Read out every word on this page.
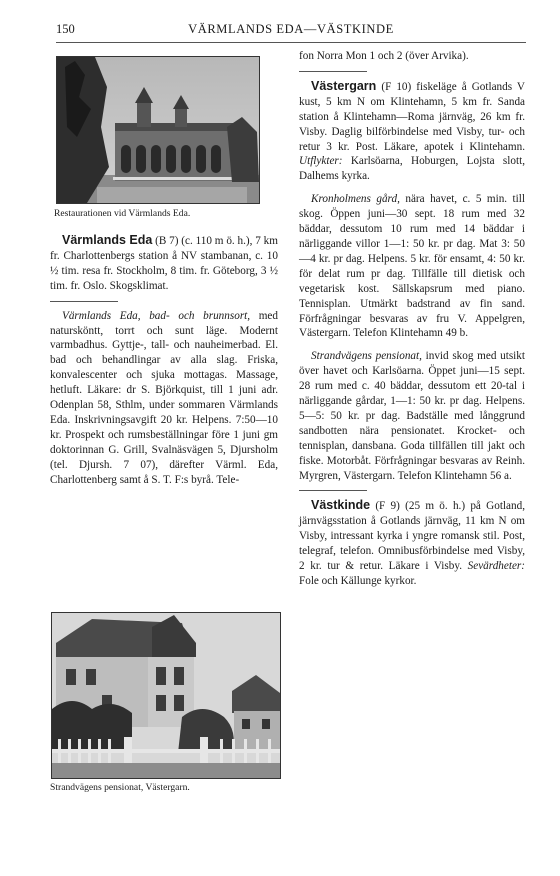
150	VÄRMLANDS EDA—VÄSTKINDE
Restaurationen vid Värmlands Eda.

Värmlands Eda (B 7) (c. 110 m ö. h.), 7 km fr. Charlottenbergs station å NV stambanan, c. 10 ½ tim. resa fr. Stockholm, 8 tim. fr. Göteborg, 3 ½ tim. fr. Oslo. Skogsklimat.

Värmlands Eda, bad- och brunnsort, med natursköntt, torrt och sunt läge. Modernt varmbadhus. Gyttje-, tall- och nauheimerbad. El. bad och behandlingar av alla slag. Friska, konvalescenter och sjuka mottagas. Massage, hetluft. Läkare: dr S. Björkquist, till 1 juni adr. Odenplan 58, Sthlm, under sommaren Värmlands Eda. Inskrivningsavgift 20 kr. Helpens. 7:50—10 kr. Prospekt och rumsbeställningar före 1 juni gm doktorinnan G. Grill, Svalnäsvägen 5, Djursholm (tel. Djursh. 7 07), därefter Värml. Eda, Charlottenberg samt å S. T. F:s byrå. Tele-

Strandvägens pensionat, Västergarn.

fon Norra Mon 1 och 2 (över Arvika).

Västergarn (F 10) fiskeläge å Gotlands V kust, 5 km N om Klintehamn, 5 km fr. Sanda station å Klintehamn—Roma järnväg, 26 km fr. Visby. Daglig bilförbindelse med Visby, tur- och retur 3 kr. Post. Läkare, apotek i Klintehamn. Utflykter: Karlsöarna, Hoburgen, Lojsta slott, Dalhems kyrka.

Kronholmens gård, nära havet, c. 5 min. till skog. Öppen juni—30 sept. 18 rum med 32 bäddar, dessutom 10 rum med 14 bäddar i närliggande villor 1—1: 50 kr. pr dag. Mat 3: 50—4 kr. pr dag. Helpens. 5 kr. för ensamt, 4: 50 kr. för delat rum pr dag. Tillfälle till dietisk och vegetarisk kost. Sällskapsrum med piano. Tennisplan. Utmärkt badstrand av fin sand. Förfrågningar besvaras av fru V. Appelgren, Västergarn. Telefon Klintehamn 49 b.

Strandvägens pensionat, invid skog med utsikt över havet och Karlsöarna. Öppet juni—15 sept. 28 rum med c. 40 bäddar, dessutom ett 20-tal i närliggande gårdar, 1—1: 50 kr. pr dag. Helpens. 5—5: 50 kr. pr dag. Badställe med långgrund sandbotten nära pensionatet. Krocket- och tennisplan, dansbana. Goda tillfällen till jakt och fiske. Motorbåt. Förfrågningar besvaras av Reinh. Myrgren, Västergarn. Telefon Klintehamn 56 a.

Västkinde (F 9) (25 m ö. h.) på Gotland, järnvägsstation å Gotlands järnväg, 11 km N om Visby, intressant kyrka i yngre romansk stil. Post, telegraf, telefon. Omnibusförbindelse med Visby, 2 kr. tur & retur. Läkare i Visby. Sevärdheter: Fole och Källunge kyrkor.
